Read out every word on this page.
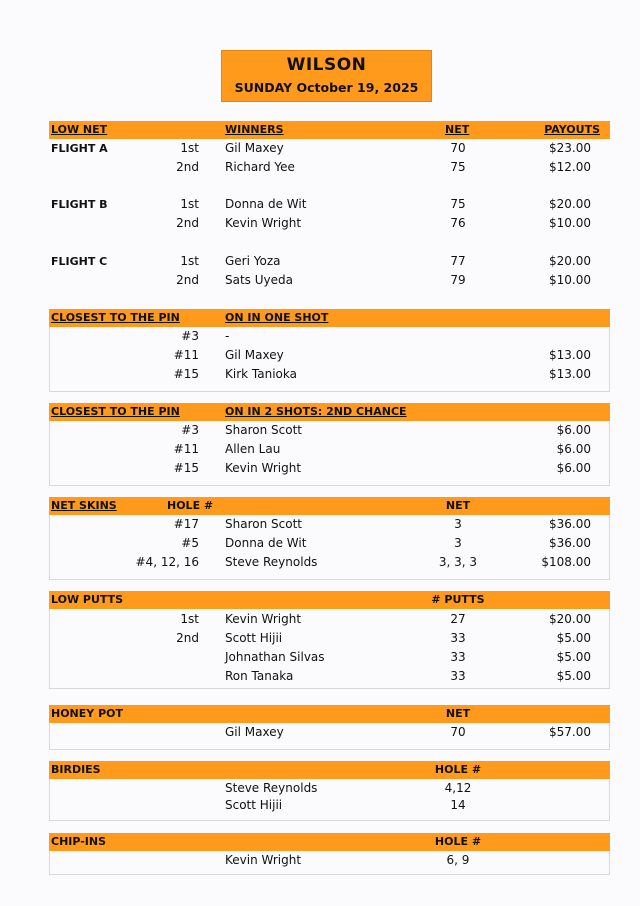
WILSON
SUNDAY October 19, 2025
LOW NET	WINNERS	NET	PAYOUTS
FLIGHT A	1st Gil Maxey	70	$23.00
2nd Richard Yee	75	$12.00
FLIGHT B	1st Donna de Wit	75	$20.00
2nd Kevin Wright	76	$10.00
FLIGHT C	1st Geri Yoza	77	$20.00
2nd Sats Uyeda	79	$10.00
CLOSEST TO THE PIN	ON IN ONE SHOT
#3 -
#11 Gil Maxey	$13.00
#15 Kirk Tanioka	$13.00
CLOSEST TO THE PIN	ON IN 2 SHOTS: 2ND CHANCE
#3 Sharon Scott	$6.00
#11 Allen Lau	$6.00
#15 Kevin Wright	$6.00
NET SKINS	HOLE #	NET
#17 Sharon Scott	3	$36.00
#5 Donna de Wit	3	$36.00
#4, 12, 16 Steve Reynolds	3, 3, 3	$108.00
LOW PUTTS	# PUTTS
1st Kevin Wright	27	$20.00
2nd Scott Hijii	33	$5.00
Johnathan Silvas	33	$5.00
Ron Tanaka	33	$5.00
HONEY POT	NET
Gil Maxey	70	$57.00
BIRDIES	HOLE #
Steve Reynolds	4,12
Scott Hijii	14
CHIP-INS	HOLE #
Kevin Wright	6, 9
